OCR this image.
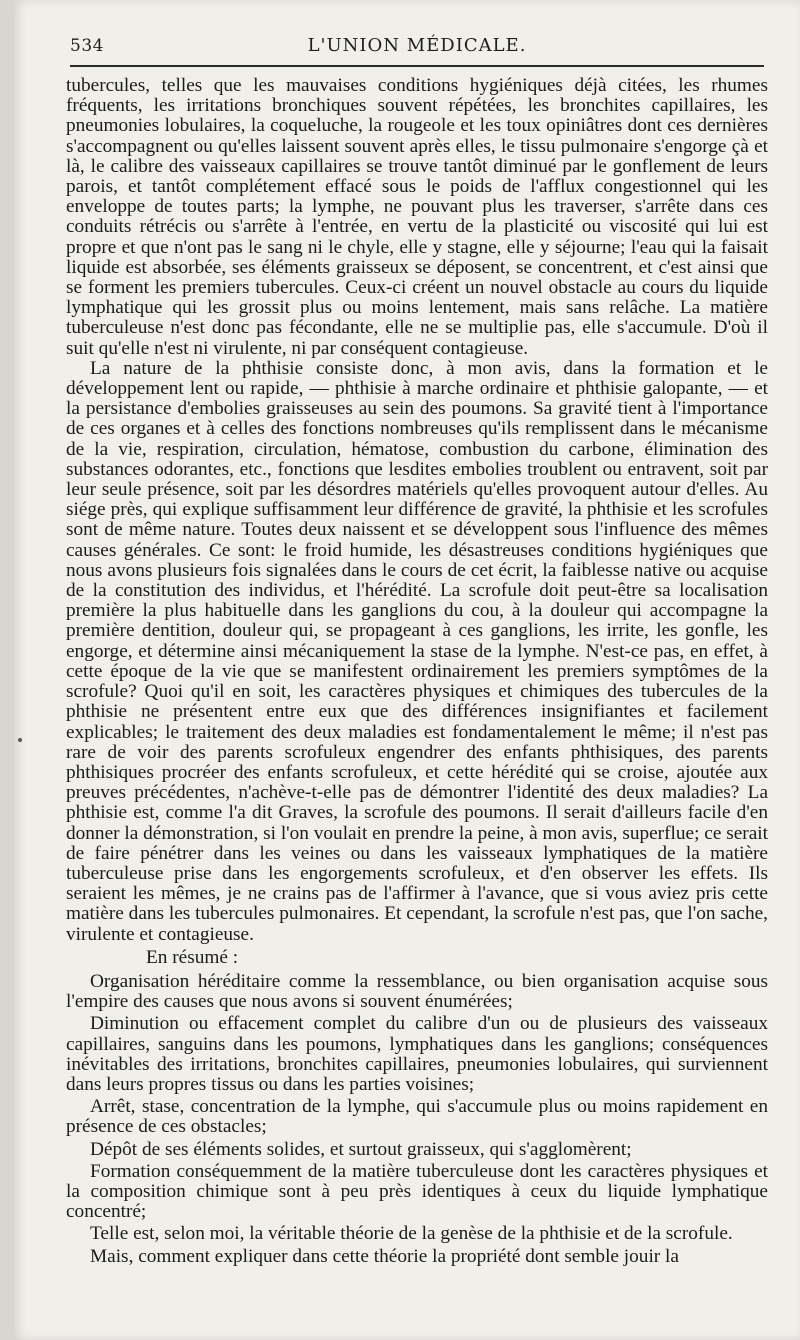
534	L'UNION MÉDICALE.

tubercules, telles que les mauvaises conditions hygiéniques déjà citées, les rhumes fréquents, les irritations bronchiques souvent répétées, les bronchites capillaires, les pneumonies lobulaires, la coqueluche, la rougeole et les toux opiniâtres dont ces dernières s'accompagnent ou qu'elles laissent souvent après elles, le tissu pulmonaire s'engorge çà et là, le calibre des vaisseaux capillaires se trouve tantôt diminué par le gonflement de leurs parois, et tantôt complétement effacé sous le poids de l'afflux congestionnel qui les enveloppe de toutes parts; la lymphe, ne pouvant plus les traverser, s'arrête dans ces conduits rétrécis ou s'arrête à l'entrée, en vertu de la plasticité ou viscosité qui lui est propre et que n'ont pas le sang ni le chyle, elle y stagne, elle y séjourne; l'eau qui la faisait liquide est absorbée, ses éléments graisseux se déposent, se concentrent, et c'est ainsi que se forment les premiers tubercules. Ceux-ci créent un nouvel obstacle au cours du liquide lymphatique qui les grossit plus ou moins lentement, mais sans relâche. La matière tuberculeuse n'est donc pas fécondante, elle ne se multiplie pas, elle s'accumule. D'où il suit qu'elle n'est ni virulente, ni par conséquent contagieuse.

La nature de la phthisie consiste donc, à mon avis, dans la formation et le développement lent ou rapide, — phthisie à marche ordinaire et phthisie galopante, — et la persistance d'embolies graisseuses au sein des poumons. Sa gravité tient à l'importance de ces organes et à celles des fonctions nombreuses qu'ils remplissent dans le mécanisme de la vie, respiration, circulation, hématose, combustion du carbone, élimination des substances odorantes, etc., fonctions que lesdites embolies troublent ou entravent, soit par leur seule présence, soit par les désordres matériels qu'elles provoquent autour d'elles. Au siége près, qui explique suffisamment leur différence de gravité, la phthisie et les scrofules sont de même nature. Toutes deux naissent et se développent sous l'influence des mêmes causes générales. Ce sont: le froid humide, les désastreuses conditions hygiéniques que nous avons plusieurs fois signalées dans le cours de cet écrit, la faiblesse native ou acquise de la constitution des individus, et l'hérédité. La scrofule doit peut-être sa localisation première la plus habituelle dans les ganglions du cou, à la douleur qui accompagne la première dentition, douleur qui, se propageant à ces ganglions, les irrite, les gonfle, les engorge, et détermine ainsi mécaniquement la stase de la lymphe. N'est-ce pas, en effet, à cette époque de la vie que se manifestent ordinairement les premiers symptômes de la scrofule? Quoi qu'il en soit, les caractères physiques et chimiques des tubercules de la phthisie ne présentent entre eux que des différences insignifiantes et facilement explicables; le traitement des deux maladies est fondamentalement le même; il n'est pas rare de voir des parents scrofuleux engendrer des enfants phthisiques, des parents phthisiques procréer des enfants scrofuleux, et cette hérédité qui se croise, ajoutée aux preuves précédentes, n'achève-t-elle pas de démontrer l'identité des deux maladies? La phthisie est, comme l'a dit Graves, la scrofule des poumons. Il serait d'ailleurs facile d'en donner la démonstration, si l'on voulait en prendre la peine, à mon avis, superflue; ce serait de faire pénétrer dans les veines ou dans les vaisseaux lymphatiques de la matière tuberculeuse prise dans les engorgements scrofuleux, et d'en observer les effets. Ils seraient les mêmes, je ne crains pas de l'affirmer à l'avance, que si vous aviez pris cette matière dans les tubercules pulmonaires. Et cependant, la scrofule n'est pas, que l'on sache, virulente et contagieuse.

En résumé :

Organisation héréditaire comme la ressemblance, ou bien organisation acquise sous l'empire des causes que nous avons si souvent énumérées;

Diminution ou effacement complet du calibre d'un ou de plusieurs des vaisseaux capillaires, sanguins dans les poumons, lymphatiques dans les ganglions; conséquences inévitables des irritations, bronchites capillaires, pneumonies lobulaires, qui surviennent dans leurs propres tissus ou dans les parties voisines;

Arrêt, stase, concentration de la lymphe, qui s'accumule plus ou moins rapidement en présence de ces obstacles;

Dépôt de ses éléments solides, et surtout graisseux, qui s'agglomèrent;

Formation conséquemment de la matière tuberculeuse dont les caractères physiques et la composition chimique sont à peu près identiques à ceux du liquide lymphatique concentré;

Telle est, selon moi, la véritable théorie de la genèse de la phthisie et de la scrofule.

Mais, comment expliquer dans cette théorie la propriété dont semble jouir la
